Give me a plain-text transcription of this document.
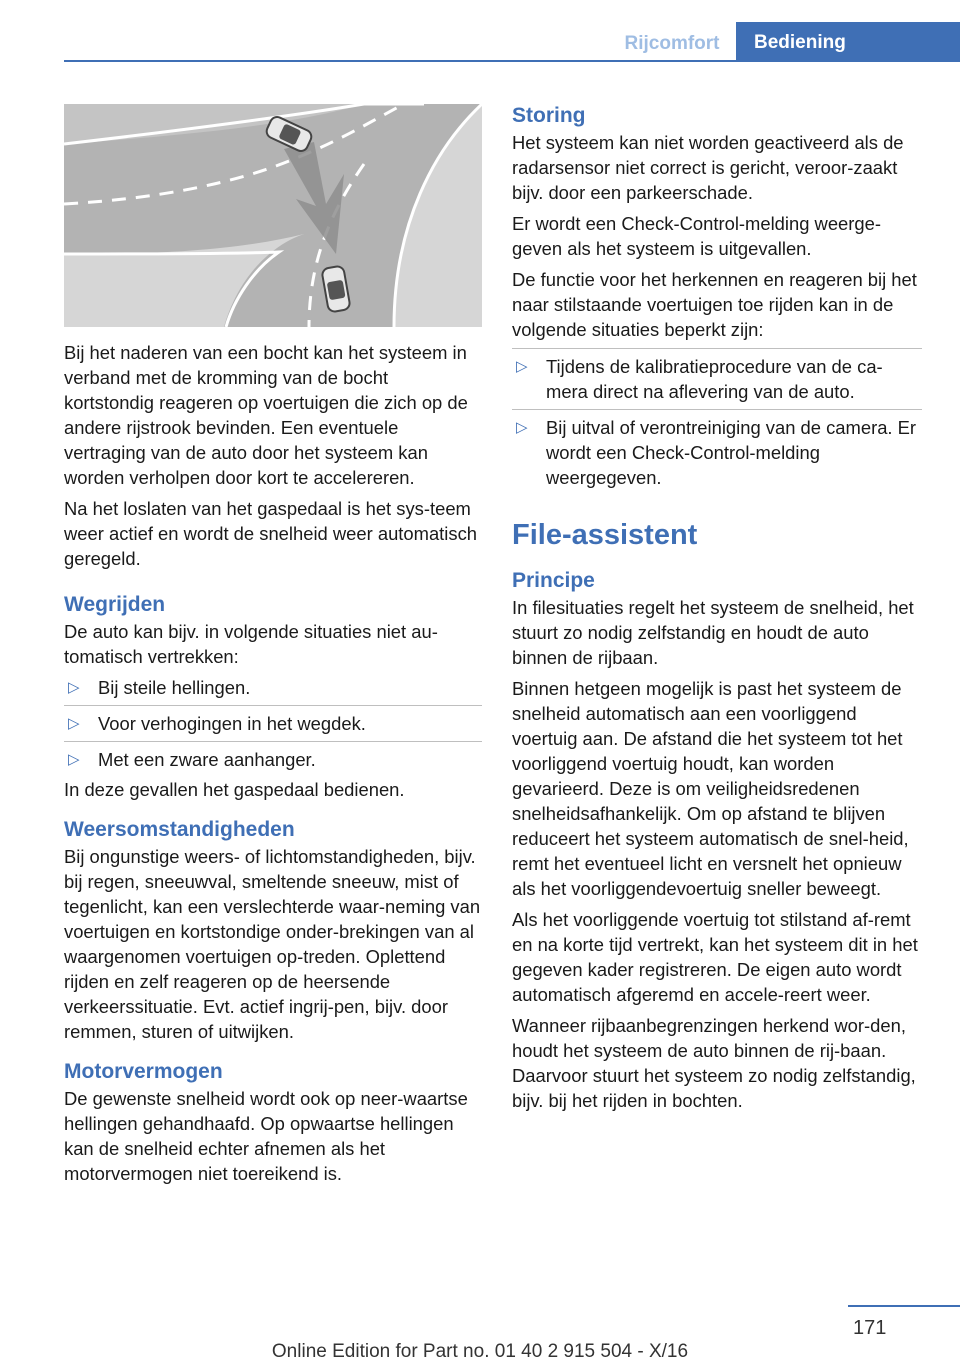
Rijcomfort	Bediening

Bij het naderen van een bocht kan het systeem in verband met de kromming van de bocht kortstondig reageren op voertuigen die zich op de andere rijstrook bevinden. Een eventuele vertraging van de auto door het systeem kan worden verholpen door kort te accelereren.

Na het loslaten van het gaspedaal is het sys-teem weer actief en wordt de snelheid weer automatisch geregeld.

Wegrijden

De auto kan bijv. in volgende situaties niet au-tomatisch vertrekken:

▷ Bij steile hellingen.
▷ Voor verhogingen in het wegdek.
▷ Met een zware aanhanger.

In deze gevallen het gaspedaal bedienen.

Weersomstandigheden

Bij ongunstige weers- of lichtomstandigheden, bijv. bij regen, sneeuwval, smeltende sneeuw, mist of tegenlicht, kan een verslechterde waar-neming van voertuigen en kortstondige onder-brekingen van al waargenomen voertuigen op-treden. Oplettend rijden en zelf reageren op de heersende verkeerssituatie. Evt. actief ingrij-pen, bijv. door remmen, sturen of uitwijken.

Motorvermogen

De gewenste snelheid wordt ook op neer-waartse hellingen gehandhaafd. Op opwaartse hellingen kan de snelheid echter afnemen als het motorvermogen niet toereikend is.

Storing

Het systeem kan niet worden geactiveerd als de radarsensor niet correct is gericht, veroor-zaakt bijv. door een parkeerschade.

Er wordt een Check-Control-melding weerge-geven als het systeem is uitgevallen.

De functie voor het herkennen en reageren bij het naar stilstaande voertuigen toe rijden kan in de volgende situaties beperkt zijn:

▷ Tijdens de kalibratieprocedure van de ca-mera direct na aflevering van de auto.
▷ Bij uitval of verontreiniging van de camera. Er wordt een Check-Control-melding weergegeven.
File-assistent
Principe

In filesituaties regelt het systeem de snelheid, het stuurt zo nodig zelfstandig en houdt de auto binnen de rijbaan.

Binnen hetgeen mogelijk is past het systeem de snelheid automatisch aan een voorliggend voertuig aan. De afstand die het systeem tot het voorliggend voertuig houdt, kan worden gevarieerd. Deze is om veiligheidsredenen snelheidsafhankelijk. Om op afstand te blijven reduceert het systeem automatisch de snel-heid, remt het eventueel licht en versnelt het opnieuw als het voorliggendevoertuig sneller beweegt.

Als het voorliggende voertuig tot stilstand af-remt en na korte tijd vertrekt, kan het systeem dit in het gegeven kader registreren. De eigen auto wordt automatisch afgeremd en accele-reert weer.

Wanneer rijbaanbegrenzingen herkend wor-den, houdt het systeem de auto binnen de rij-baan. Daarvoor stuurt het systeem zo nodig zelfstandig, bijv. bij het rijden in bochten.

171
Online Edition for Part no. 01 40 2 915 504 - X/16
